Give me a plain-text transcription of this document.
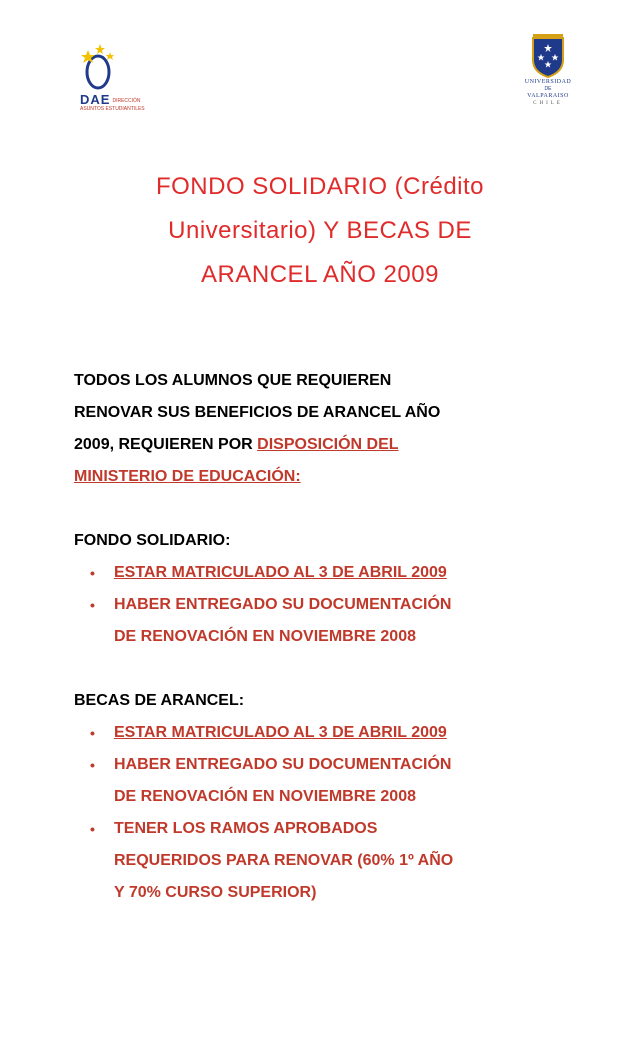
DAE DIRECCIÓN
ASUNTOS ESTUDIANTILES
UNIVERSIDAD
DE
VALPARAISO
CHILE
FONDO SOLIDARIO (Crédito
Universitario) Y BECAS DE
ARANCEL AÑO 2009
TODOS LOS ALUMNOS QUE REQUIEREN
RENOVAR SUS BENEFICIOS DE ARANCEL AÑO
2009, REQUIEREN POR DISPOSICIÓN DEL
MINISTERIO DE EDUCACIÓN:
FONDO SOLIDARIO:
• ESTAR MATRICULADO AL 3 DE ABRIL 2009
• HABER ENTREGADO SU DOCUMENTACIÓN
DE RENOVACIÓN EN NOVIEMBRE 2008
BECAS DE ARANCEL:
• ESTAR MATRICULADO AL 3 DE ABRIL 2009
• HABER ENTREGADO SU DOCUMENTACIÓN
DE RENOVACIÓN EN NOVIEMBRE 2008
• TENER LOS RAMOS APROBADOS
REQUERIDOS PARA RENOVAR (60% 1º AÑO
Y 70% CURSO SUPERIOR)
